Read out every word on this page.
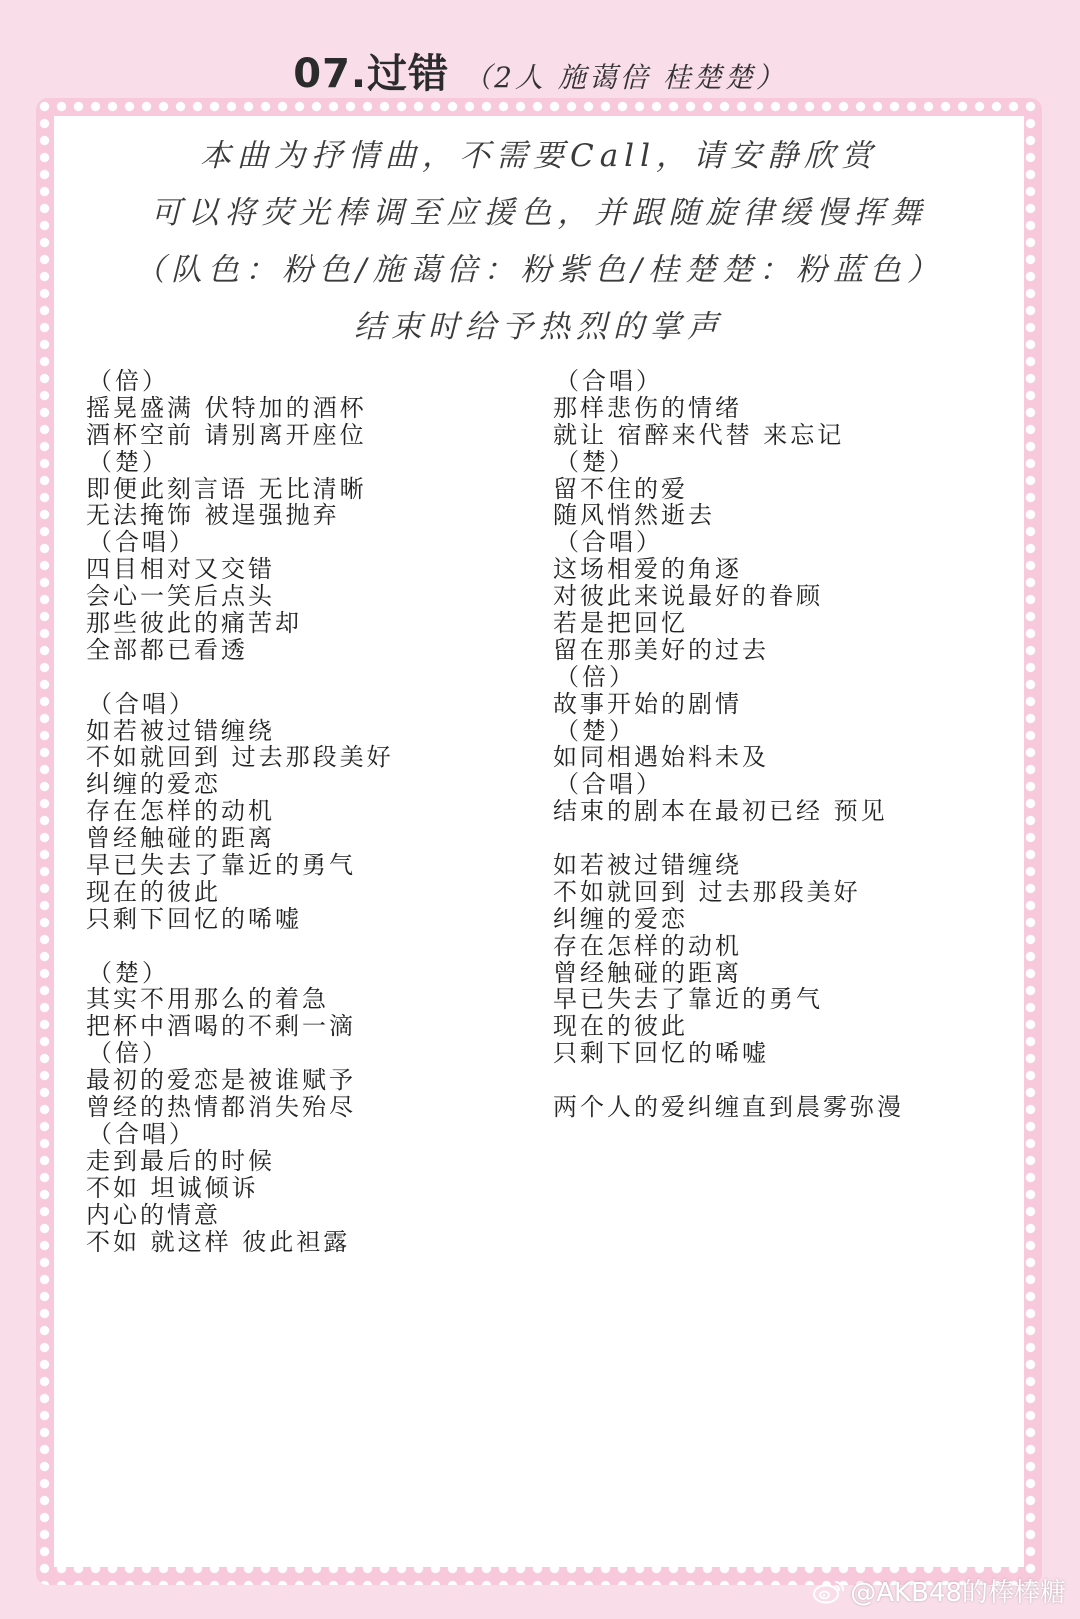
07.过错 （2人 施蔼倍 桂楚楚）
本曲为抒情曲，不需要Call，请安静欣赏
可以将荧光棒调至应援色，并跟随旋律缓慢挥舞
（队色：粉色/施蔼倍：粉紫色/桂楚楚：粉蓝色）
结束时给予热烈的掌声
（倍）
摇晃盛满 伏特加的酒杯
酒杯空前 请别离开座位
（楚）
即便此刻言语 无比清晰
无法掩饰 被逞强抛弃
（合唱）
四目相对又交错
会心一笑后点头
那些彼此的痛苦却
全部都已看透
（合唱）
如若被过错缠绕
不如就回到 过去那段美好
纠缠的爱恋
存在怎样的动机
曾经触碰的距离
早已失去了靠近的勇气
现在的彼此
只剩下回忆的唏嘘
（楚）
其实不用那么的着急
把杯中酒喝的不剩一滴
（倍）
最初的爱恋是被谁赋予
曾经的热情都消失殆尽
（合唱）
走到最后的时候
不如 坦诚倾诉
内心的情意
不如 就这样 彼此袒露
（合唱）
那样悲伤的情绪
就让 宿醉来代替 来忘记
（楚）
留不住的爱
随风悄然逝去
（合唱）
这场相爱的角逐
对彼此来说最好的眷顾
若是把回忆
留在那美好的过去
（倍）
故事开始的剧情
（楚）
如同相遇始料未及
（合唱）
结束的剧本在最初已经 预见
如若被过错缠绕
不如就回到 过去那段美好
纠缠的爱恋
存在怎样的动机
曾经触碰的距离
早已失去了靠近的勇气
现在的彼此
只剩下回忆的唏嘘
两个人的爱纠缠直到晨雾弥漫
@AKB48的棒棒糖
